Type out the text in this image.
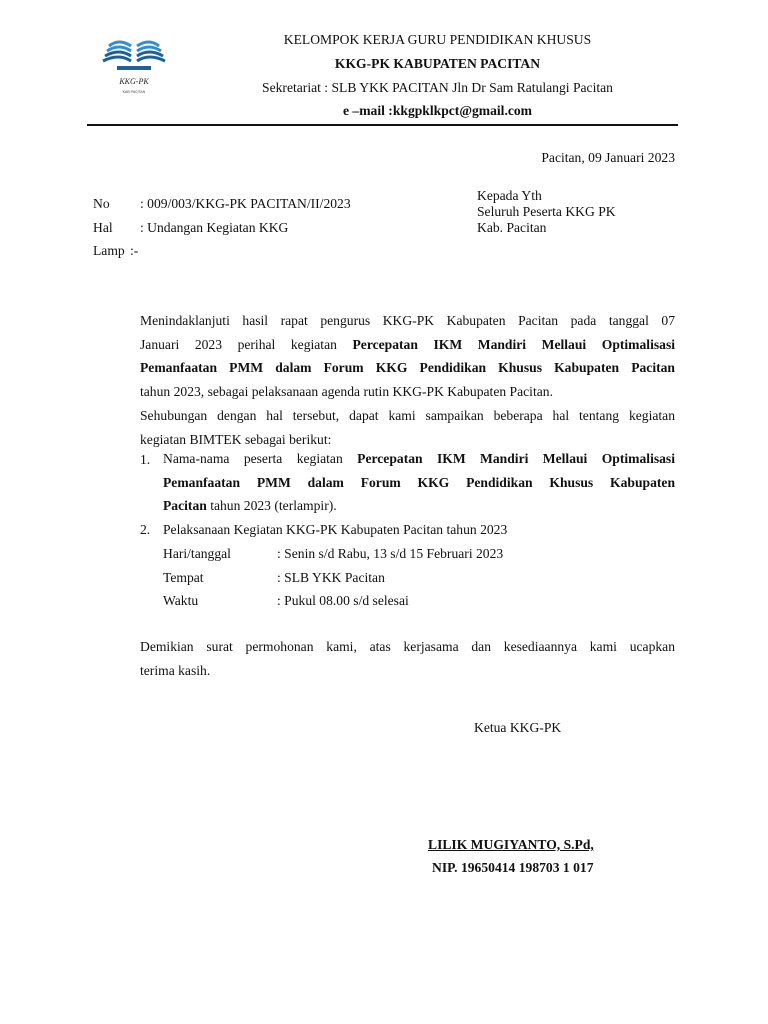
KKG-PK
KAB PACITAN
KELOMPOK KERJA GURU PENDIDIKAN KHUSUS
KKG-PK KABUPATEN PACITAN
Sekretariat : SLB YKK PACITAN Jln Dr Sam Ratulangi Pacitan
e –mail :kkgpklkpct@gmail.com
Pacitan, 09 Januari 2023
No : 009/003/KKG-PK PACITAN/II/2023
Hal : Undangan Kegiatan KKG
Lamp :-
Kepada Yth
Seluruh Peserta KKG PK
Kab. Pacitan
Menindaklanjuti hasil rapat pengurus KKG-PK Kabupaten Pacitan pada tanggal 07
Januari 2023 perihal kegiatan Percepatan IKM Mandiri Mellaui Optimalisasi
Pemanfaatan PMM dalam Forum KKG Pendidikan Khusus Kabupaten Pacitan
tahun 2023, sebagai pelaksanaan agenda rutin KKG-PK Kabupaten Pacitan.
Sehubungan dengan hal tersebut, dapat kami sampaikan beberapa hal tentang kegiatan
kegiatan BIMTEK sebagai berikut:
1. Nama-nama peserta kegiatan Percepatan IKM Mandiri Mellaui Optimalisasi
Pemanfaatan PMM dalam Forum KKG Pendidikan Khusus Kabupaten
Pacitan tahun 2023 (terlampir).
2. Pelaksanaan Kegiatan KKG-PK Kabupaten Pacitan tahun 2023
Hari/tanggal	: Senin s/d Rabu, 13 s/d 15 Februari 2023
Tempat	: SLB YKK Pacitan
Waktu	: Pukul 08.00 s/d selesai
Demikian surat permohonan kami, atas kerjasama dan kesediaannya kami ucapkan
terima kasih.
Ketua KKG-PK
LILIK MUGIYANTO, S.Pd,
NIP. 19650414 198703 1 017
